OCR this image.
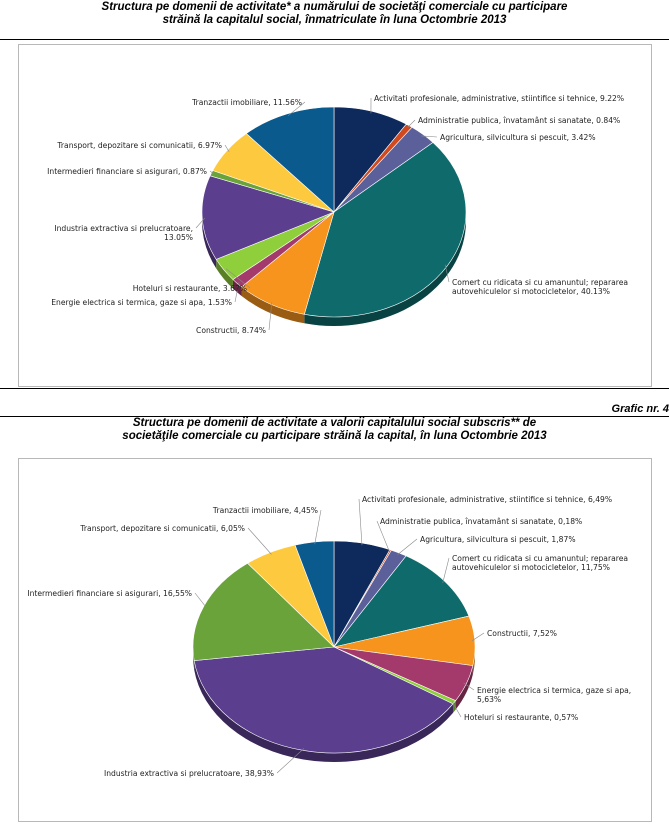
Structura pe domenii de activitate* a numărului de societăţi comerciale cu participare
străină la capitalul social, înmatriculate în luna Octombrie 2013
Grafic nr. 4
Structura pe domenii de activitate a valorii capitalului social subscris** de
societăţile comerciale cu participare străină la capital, în luna Octombrie 2013
Activitati profesionale, administrative, stiintifice si tehnice, 9.22%
Administratie publica, învatamânt si sanatate, 0.84%
Agricultura, silvicultura si pescuit, 3.42%
Comert cu ridicata si cu amanuntul; repararea autovehiculelor si motocicletelor, 40.13%
Constructii, 8.74%
Energie electrica si termica, gaze si apa, 1.53%
Hoteluri si restaurante, 3.67%
Industria extractiva si prelucratoare, 13.05%
Intermedieri financiare si asigurari, 0.87%
Transport, depozitare si comunicatii, 6.97%
Tranzactii imobiliare, 11.56%
Activitati profesionale, administrative, stiintifice si tehnice, 6,49%
Administratie publica, învatamânt si sanatate, 0,18%
Agricultura, silvicultura si pescuit, 1,87%
Comert cu ridicata si cu amanuntul; repararea autovehiculelor si motocicletelor, 11,75%
Constructii, 7,52%
Energie electrica si termica, gaze si apa, 5,63%
Hoteluri si restaurante, 0,57%
Industria extractiva si prelucratoare, 38,93%
Intermedieri financiare si asigurari, 16,55%
Transport, depozitare si comunicatii, 6,05%
Tranzactii imobiliare, 4,45%
